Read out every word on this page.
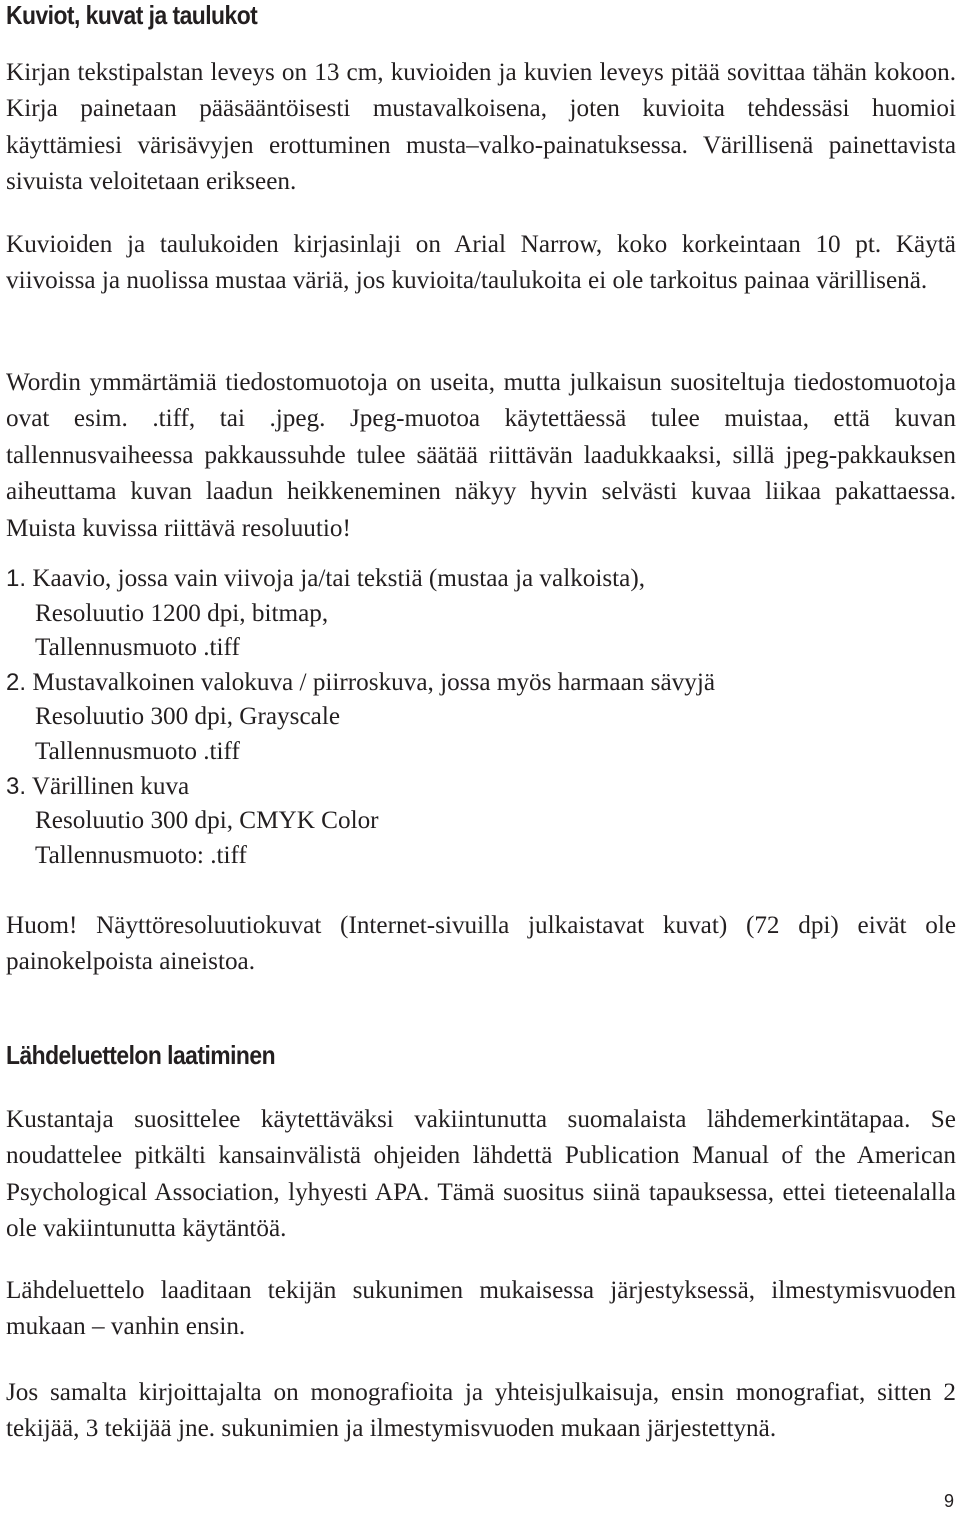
Kuviot, kuvat ja taulukot

Kirjan tekstipalstan leveys on 13 cm, kuvioiden ja kuvien leveys pitää sovittaa tähän kokoon. Kirja painetaan pääsääntöisesti mustavalkoisena, joten kuvioita tehdessäsi huomioi käyttämiesi värisävyjen erottuminen musta–valko-painatuksessa. Värillisenä painettavista sivuista veloitetaan erikseen.

Kuvioiden ja taulukoiden kirjasinlaji on Arial Narrow, koko korkeintaan 10 pt. Käytä viivoissa ja nuolissa mustaa väriä, jos kuvioita/taulukoita ei ole tarkoitus painaa värillisenä.

Wordin ymmärtämiä tiedostomuotoja on useita, mutta julkaisun suositeltuja tiedostomuotoja ovat esim. .tiff, tai .jpeg. Jpeg-muotoa käytettäessä tulee muistaa, että kuvan tallennusvaiheessa pakkaussuhde tulee säätää riittävän laadukkaaksi, sillä jpeg-pakkauksen aiheuttama kuvan laadun heikkeneminen näkyy hyvin selvästi kuvaa liikaa pakattaessa. Muista kuvissa riittävä resoluutio!

1. Kaavio, jossa vain viivoja ja/tai tekstiä (mustaa ja valkoista),
Resoluutio 1200 dpi, bitmap,
Tallennusmuoto .tiff
2. Mustavalkoinen valokuva / piirroskuva, jossa myös harmaan sävyjä
Resoluutio 300 dpi, Grayscale
Tallennusmuoto .tiff
3. Värillinen kuva
Resoluutio 300 dpi, CMYK Color
Tallennusmuoto: .tiff

Huom! Näyttöresoluutiokuvat (Internet-sivuilla julkaistavat kuvat) (72 dpi) eivät ole painokelpoista aineistoa.

Lähdeluettelon laatiminen

Kustantaja suosittelee käytettäväksi vakiintunutta suomalaista lähdemerkintätapaa. Se noudattelee pitkälti kansainvälistä ohjeiden lähdettä Publication Manual of the American Psychological Association, lyhyesti APA. Tämä suositus siinä tapauksessa, ettei tieteenalalla ole vakiintunutta käytäntöä.

Lähdeluettelo laaditaan tekijän sukunimen mukaisessa järjestyksessä, ilmestymisvuoden mukaan – vanhin ensin.

Jos samalta kirjoittajalta on monografioita ja yhteisjulkaisuja, ensin monografiat, sitten 2 tekijää, 3 tekijää jne. sukunimien ja ilmestymisvuoden mukaan järjestettynä.

9
